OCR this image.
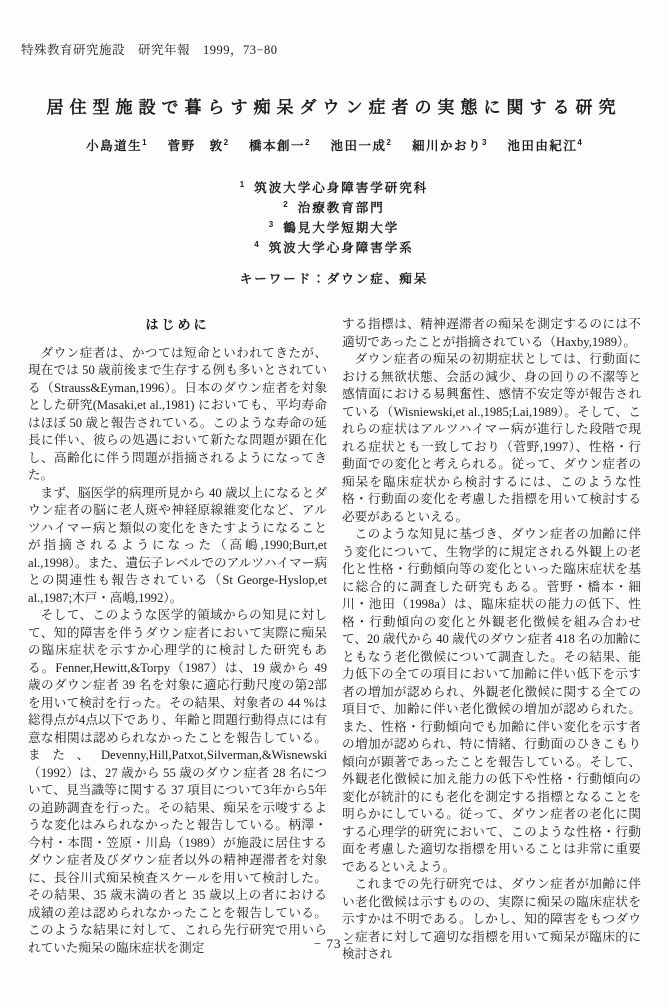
特殊教育研究施設　研究年報　1999，73−80
居住型施設で暮らす痴呆ダウン症者の実態に関する研究
小島道生$^1$ 菅野　敦$^2$ 橋本創一$^2$ 池田一成$^2$ 細川かおり$^3$ 池田由紀江$^4$
$^1$ 筑波大学心身障害学研究科
$^2$ 治療教育部門
$^3$ 鶴見大学短期大学
$^4$ 筑波大学心身障害学系
キーワード：ダウン症、痴呆
はじめに

ダウン症者は、かつては短命といわれてきたが、現在では 50 歳前後まで生存する例も多いとされている（Strauss&Eyman,1996）。日本のダウン症者を対象とした研究(Masaki,et al.,1981) においても、平均寿命はほぼ 50 歳と報告されている。このような寿命の延長に伴い、彼らの処遇において新たな問題が顕在化し、高齢化に伴う問題が指摘されるようになってきた。

まず、脳医学的病理所見から 40 歳以上になるとダウン症者の脳に老人斑や神経原線維変化など、アルツハイマー病と類似の変化をきたすようになることが指摘されるようになった（高嶋,1990;Burt,et al.,1998）。また、遺伝子レベルでのアルツハイマー病との関連性も報告されている（St George-Hyslop,et al.,1987;木戸・高嶋,1992）。

そして、このような医学的領域からの知見に対して、知的障害を伴うダウン症者において実際に痴呆の臨床症状を示すか心理学的に検討した研究もある。Fenner,Hewitt,&Torpy（1987）は、19 歳から 49 歳のダウン症者 39 名を対象に適応行動尺度の第2部を用いて検討を行った。その結果、対象者の 44 %は総得点が4点以下であり、年齢と問題行動得点には有意な相関は認められなかったことを報告している。また、Devenny,Hill,Patxot,Silverman,&Wisnewski（1992）は、27 歳から 55 歳のダウン症者 28 名について、見当識等に関する 37 項目について3年から5年の追跡調査を行った。その結果、痴呆を示唆するような変化はみられなかったと報告している。柄澤・今村・本間・笠原・川島（1989）が施設に居住するダウン症者及びダウン症者以外の精神遅滞者を対象に、長谷川式痴呆検査スケールを用いて検討した。その結果、35 歳未満の者と 35 歳以上の者における成績の差は認められなかったことを報告している。このような結果に対して、これら先行研究で用いられていた痴呆の臨床症状を測定

する指標は、精神遅滞者の痴呆を測定するのには不適切であったことが指摘されている（Haxby,1989）。

ダウン症者の痴呆の初期症状としては、行動面における無欲状態、会話の減少、身の回りの不潔等と感情面における易興奮性、感情不安定等が報告されている（Wisniewski,et al.,1985;Lai,1989）。そして、これらの症状はアルツハイマー病が進行した段階で現れる症状とも一致しており（菅野,1997）、性格・行動面での変化と考えられる。従って、ダウン症者の痴呆を臨床症状から検討するには、このような性格・行動面の変化を考慮した指標を用いて検討する必要があるといえる。

このような知見に基づき、ダウン症者の加齢に伴う変化について、生物学的に規定される外観上の老化と性格・行動傾向等の変化といった臨床症状を基に総合的に調査した研究もある。菅野・橋本・細川・池田（1998a）は、臨床症状の能力の低下、性格・行動傾向の変化と外観老化徴候を組み合わせて、20 歳代から 40 歳代のダウン症者 418 名の加齢にともなう老化徴候について調査した。その結果、能力低下の全ての項目において加齢に伴い低下を示す者の増加が認められ、外観老化徴候に関する全ての項目で、加齢に伴い老化徴候の増加が認められた。また、性格・行動傾向でも加齢に伴い変化を示す者の増加が認められ、特に情緒、行動面のひきこもり傾向が顕著であったことを報告している。そして、外観老化徴候に加え能力の低下や性格・行動傾向の変化が統計的にも老化を測定する指標となることを明らかにしている。従って、ダウン症者の老化に関する心理学的研究において、このような性格・行動面を考慮した適切な指標を用いることは非常に重要であるといえよう。

これまでの先行研究では、ダウン症者が加齢に伴い老化徴候は示すものの、実際に痴呆の臨床症状を示すかは不明である。しかし、知的障害をもつダウン症者に対して適切な指標を用いて痴呆が臨床的に検討され

− 73 −
